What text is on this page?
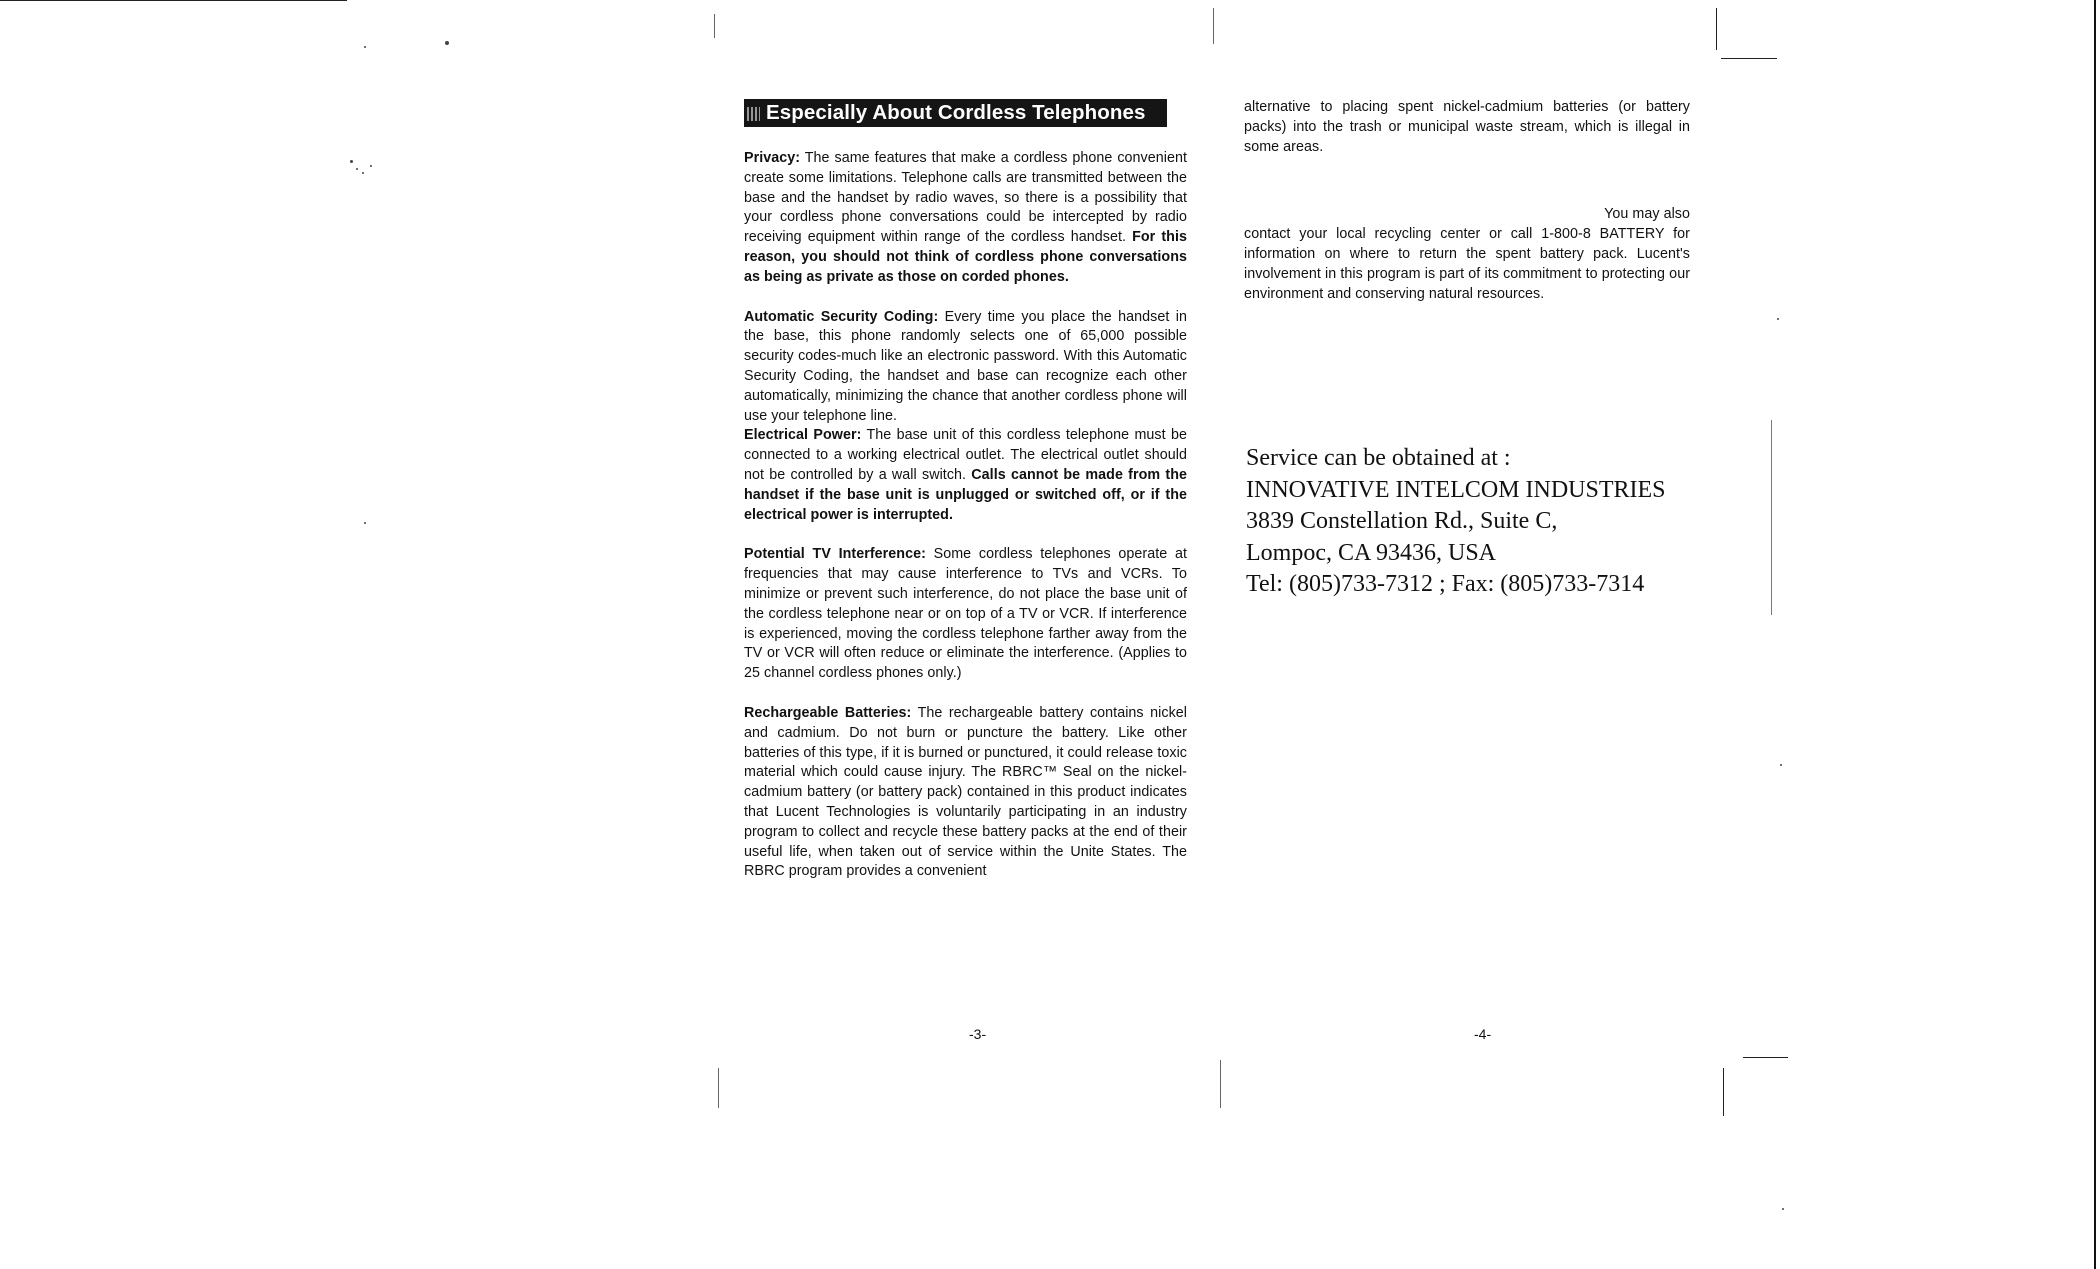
Especially About Cordless Telephones

Privacy: The same features that make a cordless phone convenient create some limitations. Telephone calls are transmitted between the base and the handset by radio waves, so there is a possibility that your cordless phone conversations could be intercepted by radio receiving equipment within range of the cordless handset. For this reason, you should not think of cordless phone conversations as being as private as those on corded phones.

Automatic Security Coding: Every time you place the handset in the base, this phone randomly selects one of 65,000 possible security codes-much like an electronic password. With this Automatic Security Coding, the handset and base can recognize each other automatically, minimizing the chance that another cordless phone will use your telephone line.

Electrical Power: The base unit of this cordless telephone must be connected to a working electrical outlet. The electrical outlet should not be controlled by a wall switch. Calls cannot be made from the handset if the base unit is unplugged or switched off, or if the electrical power is interrupted.

Potential TV Interference: Some cordless telephones operate at frequencies that may cause interference to TVs and VCRs. To minimize or prevent such interference, do not place the base unit of the cordless telephone near or on top of a TV or VCR. If interference is experienced, moving the cordless telephone farther away from the TV or VCR will often reduce or eliminate the interference. (Applies to 25 channel cordless phones only.)

Rechargeable Batteries: The rechargeable battery contains nickel and cadmium. Do not burn or puncture the battery. Like other batteries of this type, if it is burned or punctured, it could release toxic material which could cause injury. The RBRC™ Seal on the nickel-cadmium battery (or battery pack) contained in this product indicates that Lucent Technologies is voluntarily participating in an industry program to collect and recycle these battery packs at the end of their useful life, when taken out of service within the Unite States. The RBRC program provides a convenient

-3-

alternative to placing spent nickel-cadmium batteries (or battery packs) into the trash or municipal waste stream, which is illegal in some areas.

You may also
contact your local recycling center or call 1-800-8 BATTERY for information on where to return the spent battery pack. Lucent's involvement in this program is part of its commitment to protecting our environment and conserving natural resources.

Service can be obtained at :
INNOVATIVE INTELCOM INDUSTRIES
3839 Constellation Rd., Suite C,
Lompoc, CA 93436, USA
Tel: (805)733-7312 ; Fax: (805)733-7314
-4-
